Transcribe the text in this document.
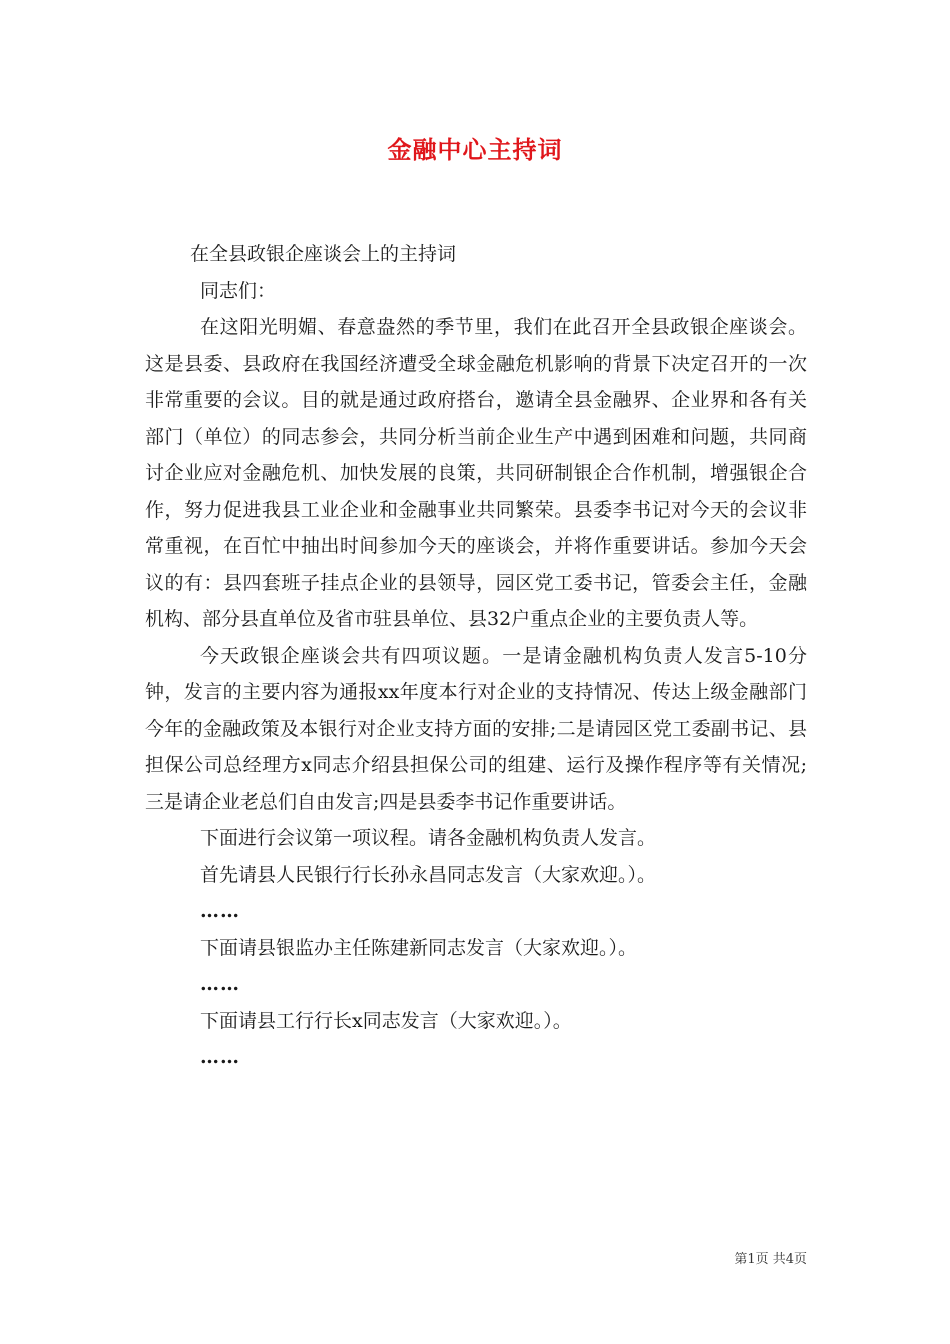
金融中心主持词

在全县政银企座谈会上的主持词

同志们：

在这阳光明媚、春意盎然的季节里，我们在此召开全县政银企座谈会。这是县委、县政府在我国经济遭受全球金融危机影响的背景下决定召开的一次非常重要的会议。目的就是通过政府搭台，邀请全县金融界、企业界和各有关部门（单位）的同志参会，共同分析当前企业生产中遇到困难和问题，共同商讨企业应对金融危机、加快发展的良策，共同研制银企合作机制，增强银企合作，努力促进我县工业企业和金融事业共同繁荣。县委李书记对今天的会议非常重视，在百忙中抽出时间参加今天的座谈会，并将作重要讲话。参加今天会议的有：县四套班子挂点企业的县领导，园区党工委书记，管委会主任，金融机构、部分县直单位及省市驻县单位、县32户重点企业的主要负责人等。

今天政银企座谈会共有四项议题。一是请金融机构负责人发言5-10分钟，发言的主要内容为通报xx年度本行对企业的支持情况、传达上级金融部门今年的金融政策及本银行对企业支持方面的安排;二是请园区党工委副书记、县担保公司总经理方x同志介绍县担保公司的组建、运行及操作程序等有关情况;三是请企业老总们自由发言;四是县委李书记作重要讲话。

下面进行会议第一项议程。请各金融机构负责人发言。

首先请县人民银行行长孙永昌同志发言（大家欢迎。）。

……

下面请县银监办主任陈建新同志发言（大家欢迎。）。

……

下面请县工行行长x同志发言（大家欢迎。）。

……

第1页 共4页
